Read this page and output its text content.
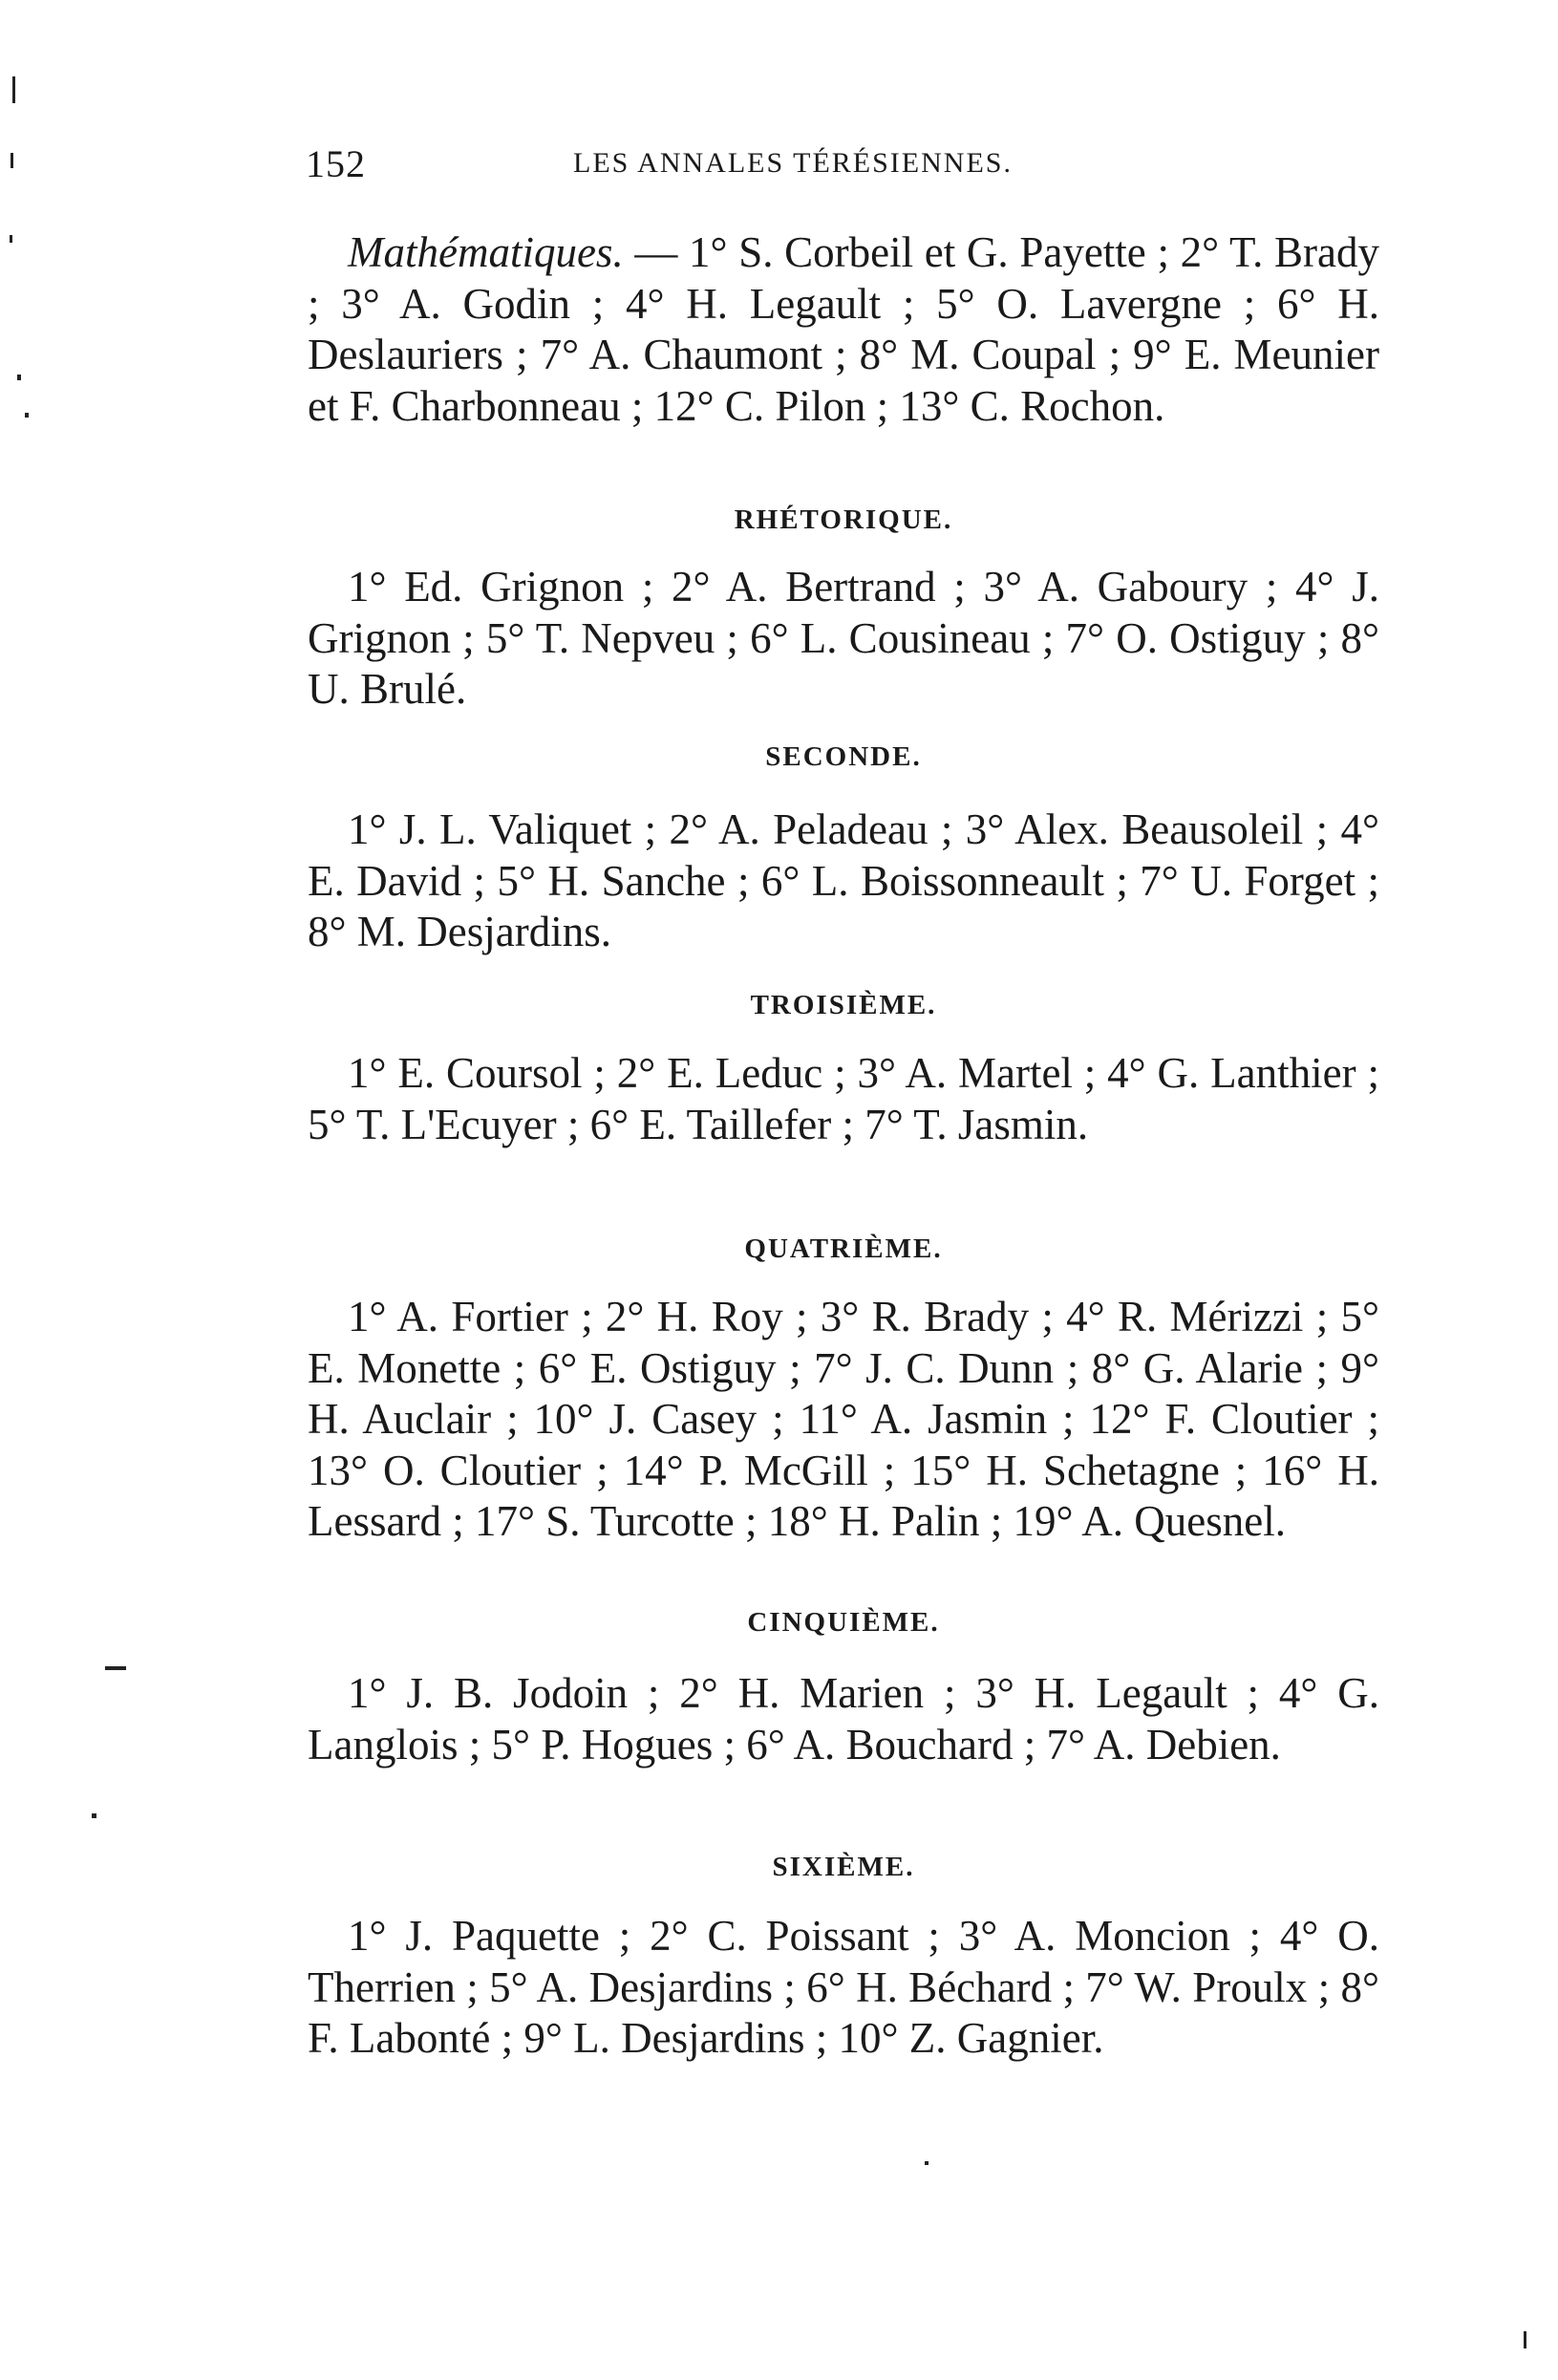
152	LES ANNALES TÉRÉSIENNES.

Mathématiques. — 1° S. Corbeil et G. Payette ; 2° T. Brady ; 3° A. Godin ; 4° H. Legault ; 5° O. Lavergne ; 6° H. Deslauriers ; 7° A. Chaumont ; 8° M. Coupal ; 9° E. Meunier et F. Charbonneau ; 12° C. Pilon ; 13° C. Rochon.

RHÉTORIQUE.

1° Ed. Grignon ; 2° A. Bertrand ; 3° A. Gaboury ; 4° J. Grignon ; 5° T. Nepveu ; 6° L. Cousineau ; 7° O. Ostiguy ; 8° U. Brulé.

SECONDE.

1° J. L. Valiquet ; 2° A. Peladeau ; 3° Alex. Beausoleil ; 4° E. David ; 5° H. Sanche ; 6° L. Boissonneault ; 7° U. Forget ; 8° M. Desjardins.

TROISIÈME.

1° E. Coursol ; 2° E. Leduc ; 3° A. Martel ; 4° G. Lanthier ; 5° T. L'Ecuyer ; 6° E. Taillefer ; 7° T. Jasmin.

QUATRIÈME.

1° A. Fortier ; 2° H. Roy ; 3° R. Brady ; 4° R. Mérizzi ; 5° E. Monette ; 6° E. Ostiguy ; 7° J. C. Dunn ; 8° G. Alarie ; 9° H. Auclair ; 10° J. Casey ; 11° A. Jasmin ; 12° F. Cloutier ; 13° O. Cloutier ; 14° P. McGill ; 15° H. Schetagne ; 16° H. Lessard ; 17° S. Turcotte ; 18° H. Palin ; 19° A. Quesnel.

CINQUIÈME.

1° J. B. Jodoin ; 2° H. Marien ; 3° H. Legault ; 4° G. Langlois ; 5° P. Hogues ; 6° A. Bouchard ; 7° A. Debien.

SIXIÈME.

1° J. Paquette ; 2° C. Poissant ; 3° A. Moncion ; 4° O. Therrien ; 5° A. Desjardins ; 6° H. Béchard ; 7° W. Proulx ; 8° F. Labonté ; 9° L. Desjardins ; 10° Z. Gagnier.
